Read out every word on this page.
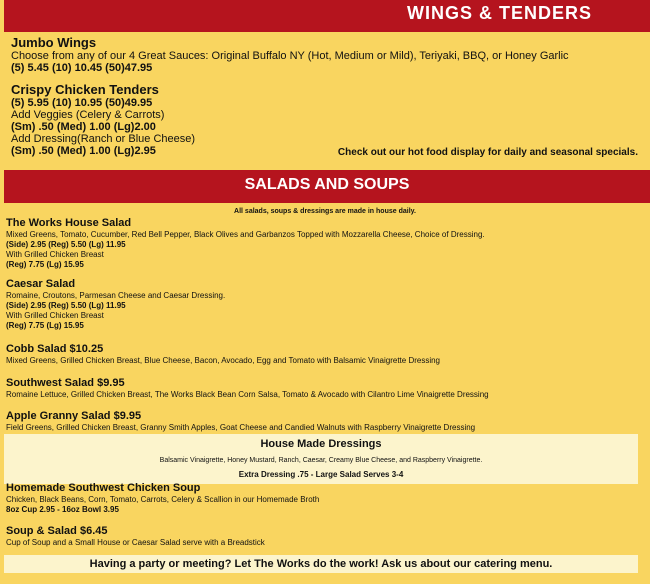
WINGS & TENDERS
Jumbo Wings
Choose from any of our 4 Great Sauces: Original Buffalo NY (Hot, Medium or Mild), Teriyaki, BBQ, or Honey Garlic
(5) 5.45 (10) 10.45 (50)47.95
Crispy Chicken Tenders
(5) 5.95 (10) 10.95 (50)49.95
Add Veggies (Celery & Carrots)
(Sm) .50 (Med) 1.00 (Lg)2.00
Add Dressing(Ranch or Blue Cheese)
(Sm) .50 (Med) 1.00 (Lg)2.95	Check out our hot food display for daily and seasonal specials.
SALADS AND SOUPS
All salads, soups & dressings are made in house daily.
The Works House Salad
Mixed Greens, Tomato, Cucumber, Red Bell Pepper, Black Olives and Garbanzos Topped with Mozzarella Cheese, Choice of Dressing.
(Side) 2.95 (Reg) 5.50 (Lg) 11.95
With Grilled Chicken Breast
(Reg) 7.75 (Lg) 15.95
Caesar Salad
Romaine, Croutons, Parmesan Cheese and Caesar Dressing.
(Side) 2.95 (Reg) 5.50 (Lg) 11.95
With Grilled Chicken Breast
(Reg) 7.75 (Lg) 15.95
Cobb Salad $10.25
Mixed Greens, Grilled Chicken Breast, Blue Cheese, Bacon, Avocado, Egg and Tomato with Balsamic Vinaigrette Dressing
Southwest Salad $9.95
Romaine Lettuce, Grilled Chicken Breast, The Works Black Bean Corn Salsa, Tomato & Avocado with Cilantro Lime Vinaigrette Dressing
Apple Granny Salad $9.95
Field Greens, Grilled Chicken Breast, Granny Smith Apples, Goat Cheese and Candied Walnuts with Raspberry Vinaigrette Dressing
House Made Dressings
Balsamic Vinaigrette, Honey Mustard, Ranch, Caesar, Creamy Blue Cheese, and Raspberry Vinaigrette.
Extra Dressing .75 - Large Salad Serves 3-4
Homemade Southwest Chicken Soup
Chicken, Black Beans, Corn, Tomato, Carrots, Celery & Scallion in our Homemade Broth
8oz Cup 2.95 - 16oz Bowl 3.95
Soup & Salad $6.45
Cup of Soup and a Small House or Caesar Salad serve with a Breadstick
Having a party or meeting? Let The Works do the work! Ask us about our catering menu.
